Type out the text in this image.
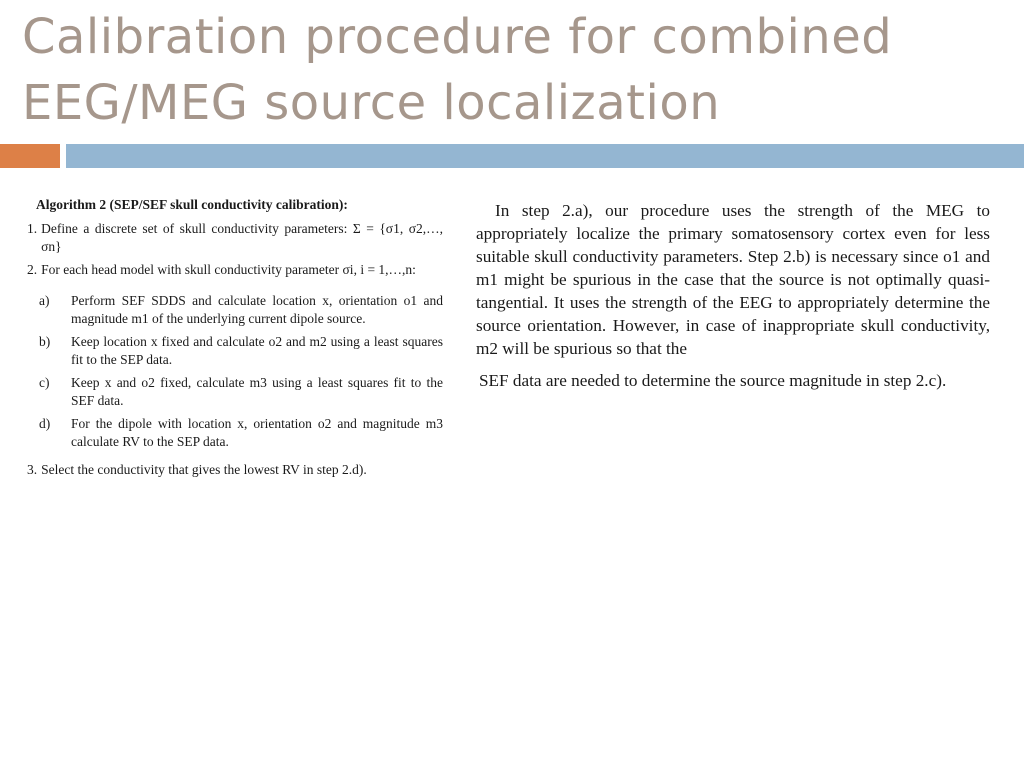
Calibration procedure for combined
EEG/MEG source localization
Algorithm 2 (SEP/SEF skull conductivity calibration):
1. Define a discrete set of skull conductivity parameters: Σ = {σ1, σ2,…, σn}
2. For each head model with skull conductivity parameter σi, i = 1,…,n:
a)	Perform SEF SDDS and calculate location x, orientation o1 and magnitude m1 of the underlying current dipole source.
b)	Keep location x fixed and calculate o2 and m2 using a least squares fit to the SEP data.
c)	Keep x and o2 fixed, calculate m3 using a least squares fit to the SEF data.
d)	For the dipole with location x, orientation o2 and magnitude m3 calculate RV to the SEP data.
3. Select the conductivity that gives the lowest RV in step 2.d).

In step 2.a), our procedure uses the strength of the MEG to appropriately localize the primary somatosensory cortex even for less suitable skull conductivity parameters. Step 2.b) is necessary since o1 and m1 might be spurious in the case that the source is not optimally quasi-tangential. It uses the strength of the EEG to appropriately determine the source orientation. However, in case of inappropriate skull conductivity, m2 will be spurious so that the

SEF data are needed to determine the source magnitude in step 2.c).
